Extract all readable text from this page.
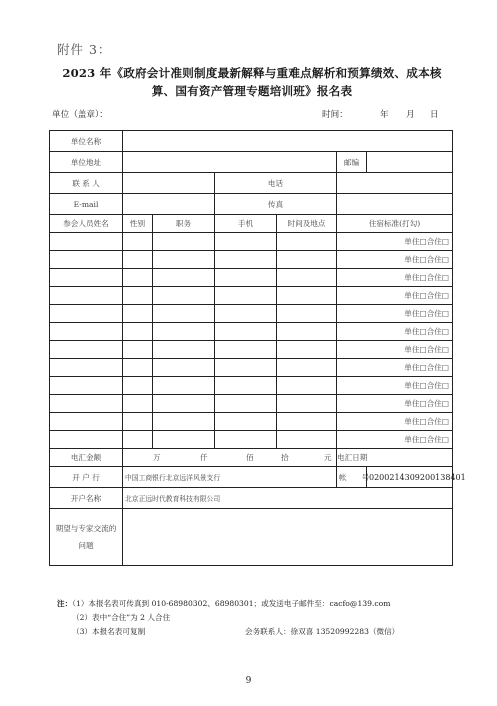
附件 3：
2023 年《政府会计准则制度最新解释与重难点解析和预算绩效、成本核
算、国有资产管理专题培训班》报名表
单位（盖章）：	时间：	年 月 日
单位名称						
单位地址					邮编	
联 系 人			电话			
E-mail			传真			
参会人员姓名	性别	职务	手机	时间及地点	住宿标准(打勾)	
					单住□合住□	
					单住□合住□	
					单住□合住□	
					单住□合住□	
					单住□合住□	
					单住□合住□	
					单住□合住□	
					单住□合住□	
					单住□合住□	
					单住□合住□	
					单住□合住□	
					单住□合住□	
电汇金额	万 仟 佰 拾 元				电汇日期	
开 户 行	中国工商银行北京远洋风景支行				帐　　号	0200214309200138401
开户名称	北京正远时代教育科技有限公司					
期望与专家交流的问题						
注：（1）本报名表可传真到 010-68980302、68980301；或发送电子邮件至：cacfo@139.com
（2）表中“合住”为 2 人合住
（3）本报名表可复制	会务联系人：徐双喜 13520992283（微信）
9
